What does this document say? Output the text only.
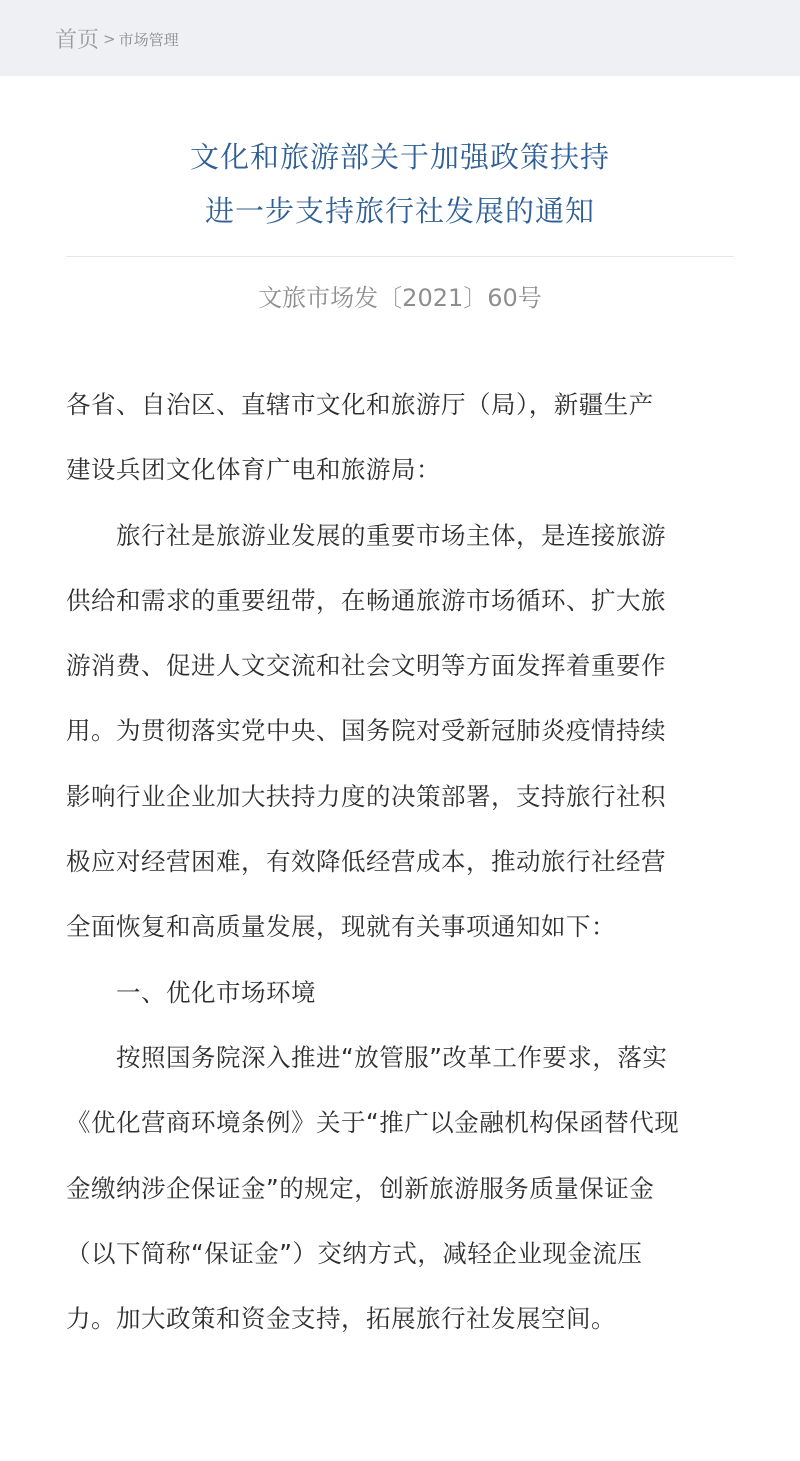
首页 > 市场管理
文化和旅游部关于加强政策扶持
进一步支持旅行社发展的通知
文旅市场发〔2021〕60号
各省、自治区、直辖市文化和旅游厅（局），新疆生产
建设兵团文化体育广电和旅游局：
旅行社是旅游业发展的重要市场主体，是连接旅游
供给和需求的重要纽带，在畅通旅游市场循环、扩大旅
游消费、促进人文交流和社会文明等方面发挥着重要作
用。为贯彻落实党中央、国务院对受新冠肺炎疫情持续
影响行业企业加大扶持力度的决策部署，支持旅行社积
极应对经营困难，有效降低经营成本，推动旅行社经营
全面恢复和高质量发展，现就有关事项通知如下：
一、优化市场环境
按照国务院深入推进“放管服”改革工作要求，落实
《优化营商环境条例》关于“推广以金融机构保函替代现
金缴纳涉企保证金”的规定，创新旅游服务质量保证金
（以下简称“保证金”）交纳方式，减轻企业现金流压
力。加大政策和资金支持，拓展旅行社发展空间。
